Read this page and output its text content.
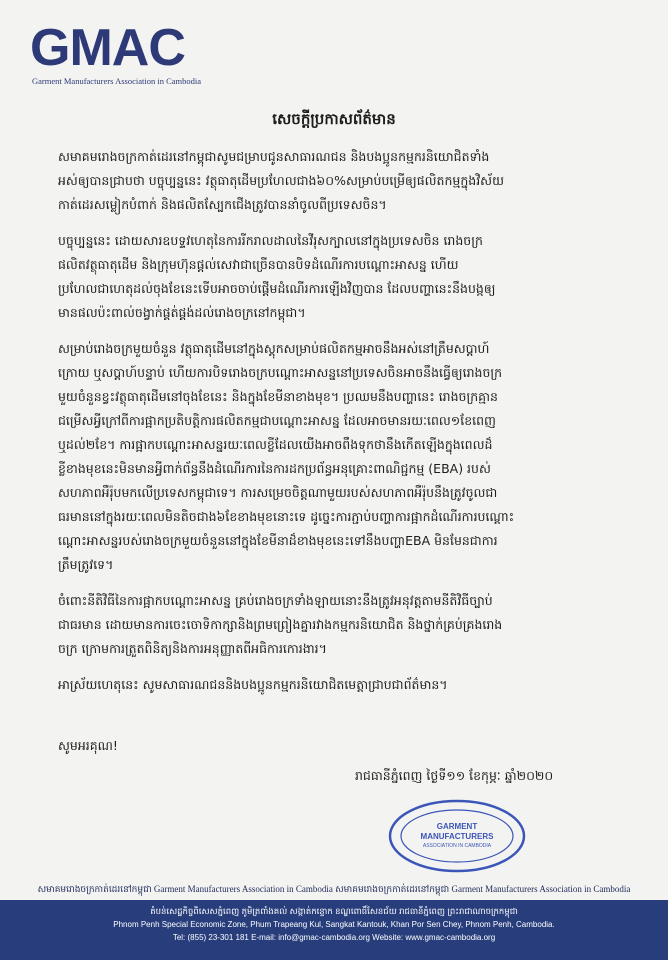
GMAC
Garment Manufacturers Association in Cambodia
សេចក្ដីប្រកាសព័ត៌មាន

សមាគមរោងចក្រកាត់ដេរនៅកម្ពុជាសូមជម្រាបជូនសាធារណជន និងបងប្អូនកម្មករនិយោជិតទាំង
អស់ឲ្យបានជ្រាបថា បច្ចុប្បន្ននេះ វត្ថុធាតុដើមប្រហែលជាង៦០%សម្រាប់បម្រើឲ្យផលិតកម្មក្នុងវិស័យ
កាត់ដេរសម្លៀកបំពាក់ និងផលិតស្បែកជើងត្រូវបាននាំចូលពីប្រទេសចិន។

បច្ចុប្បន្ននេះ ដោយសារឧបទ្ទវហេតុនៃការរីករាលដាលនៃវីរុសក្បាលនៅក្នុងប្រទេសចិន រោងចក្រ
ផលិតវត្ថុធាតុដើម និងក្រុមហ៊ុនផ្ដល់សេវាជាច្រើនបានបិទដំណើរការបណ្ដោះអាសន្ន ហើយ
ប្រហែលជាហេតុដល់ចុងខែនេះទើបអាចចាប់ផ្ដើមដំណើរការឡើងវិញបាន ដែលបញ្ហានេះនឹងបង្កឲ្យ
មានផលប៉ះពាល់ចង្វាក់ផ្គត់ផ្គង់ដល់រោងចក្រនៅកម្ពុជា។

សម្រាប់រោងចក្រមួយចំនួន វត្ថុធាតុដើមនៅក្នុងស្តុកសម្រាប់ផលិតកម្មអាចនឹងអស់នៅត្រឹមសប្ដាហ៍
ក្រោយ ឬសប្ដាហ៍បន្ទាប់ ហើយការបិទរោងចក្របណ្ដោះអាសន្ននៅប្រទេសចិនអាចនឹងធ្វើឲ្យរោងចក្រ
មួយចំនួនខ្វះវត្ថុធាតុដើមនៅចុងខែនេះ និងក្នុងខែមីនាខាងមុខ។ ប្រឈមនឹងបញ្ហានេះ រោងចក្រគ្មាន
ជម្រើសអ្វីក្រៅពីការផ្អាកប្រតិបត្តិការផលិតកម្មជាបណ្ដោះអាសន្ន ដែលអាចមានរយៈពេល១ខែពេញ
ឬដល់២ខែ។ ការផ្អាកបណ្ដោះអាសន្នរយៈពេលខ្លីដែលយើងអាចពឹងទុកថានឹងកើតឡើងក្នុងពេលដ៏
ខ្លីខាងមុខនេះមិនមានអ្វីពាក់ព័ន្ធនឹងដំណើរការនៃការដកប្រព័ន្ធអនុគ្រោះពាណិជ្ជកម្ម (EBA) របស់
សហភាពអឺរ៉ុបមកលើប្រទេសកម្ពុជាទេ។ ការសម្រេចចិត្តណាមួយរបស់សហភាពអឺរ៉ុបនឹងត្រូវចូលជា
ធរមាននៅក្នុងរយៈពេលមិនតិចជាង៦ខែខាងមុខនោះទេ ដូច្នេះការភ្ជាប់បញ្ហាការផ្អាកដំណើរការបណ្ដោះ
ណ្ដោះអាសន្នរបស់រោងចក្រមួយចំនួននៅក្នុងខែមីនាដ៏ខាងមុខនេះទៅនឹងបញ្ហាEBA មិនមែនជាការ
ត្រឹមត្រូវទេ។

ចំពោះនីតិវិធីនៃការផ្អាកបណ្ដោះអាសន្ន គ្រប់រោងចក្រទាំងឡាយនោះនឹងត្រូវអនុវត្តតាមនីតិវិធីច្បាប់
ជាធរមាន ដោយមានការចេះចោទិកាក្សានិងព្រមព្រៀងគ្នារវាងកម្មករនិយោជិត និងថ្នាក់គ្រប់គ្រងរោង
ចក្រ ក្រោមការត្រួតពិនិត្យនិងការអនុញ្ញាតពីអធិការកោរងារ។

អាស្រ័យហេតុនេះ សូមសាធារណជននិងបងប្អូនកម្មករនិយោជិតមេត្តាជ្រាបជាព័ត៌មាន។

សូមអរគុណ!
រាជធានីភ្នំពេញ ថ្ងៃទី១១ ខែកុម្ភៈ ឆ្នាំ២០២០
GARMENT
MANUFACTURERS
ASSOCIATION IN CAMBODIA
សមាគមរោងចក្រកាត់ដេរនៅកម្ពុជា Garment Manufacturers Association in Cambodia សមាគមរោងចក្រកាត់ដេរនៅកម្ពុជា Garment Manufacturers Association in Cambodia
តំបន់សេដ្ឋកិច្ចពិសេសភ្នំពេញ ភូមិត្រពាំងគល់ សង្កាត់កន្ទោក ខណ្ឌពោធិ៍សែនជ័យ រាជធានីភ្នំពេញ ព្រះរាជាណាចក្រកម្ពុជា
Phnom Penh Special Economic Zone, Phum Trapeang Kul, Sangkat Kantouk, Khan Por Sen Chey, Phnom Penh, Cambodia.
Tel: (855) 23-301 181 E-mail: info@gmac-cambodia.org Website: www.gmac-cambodia.org
